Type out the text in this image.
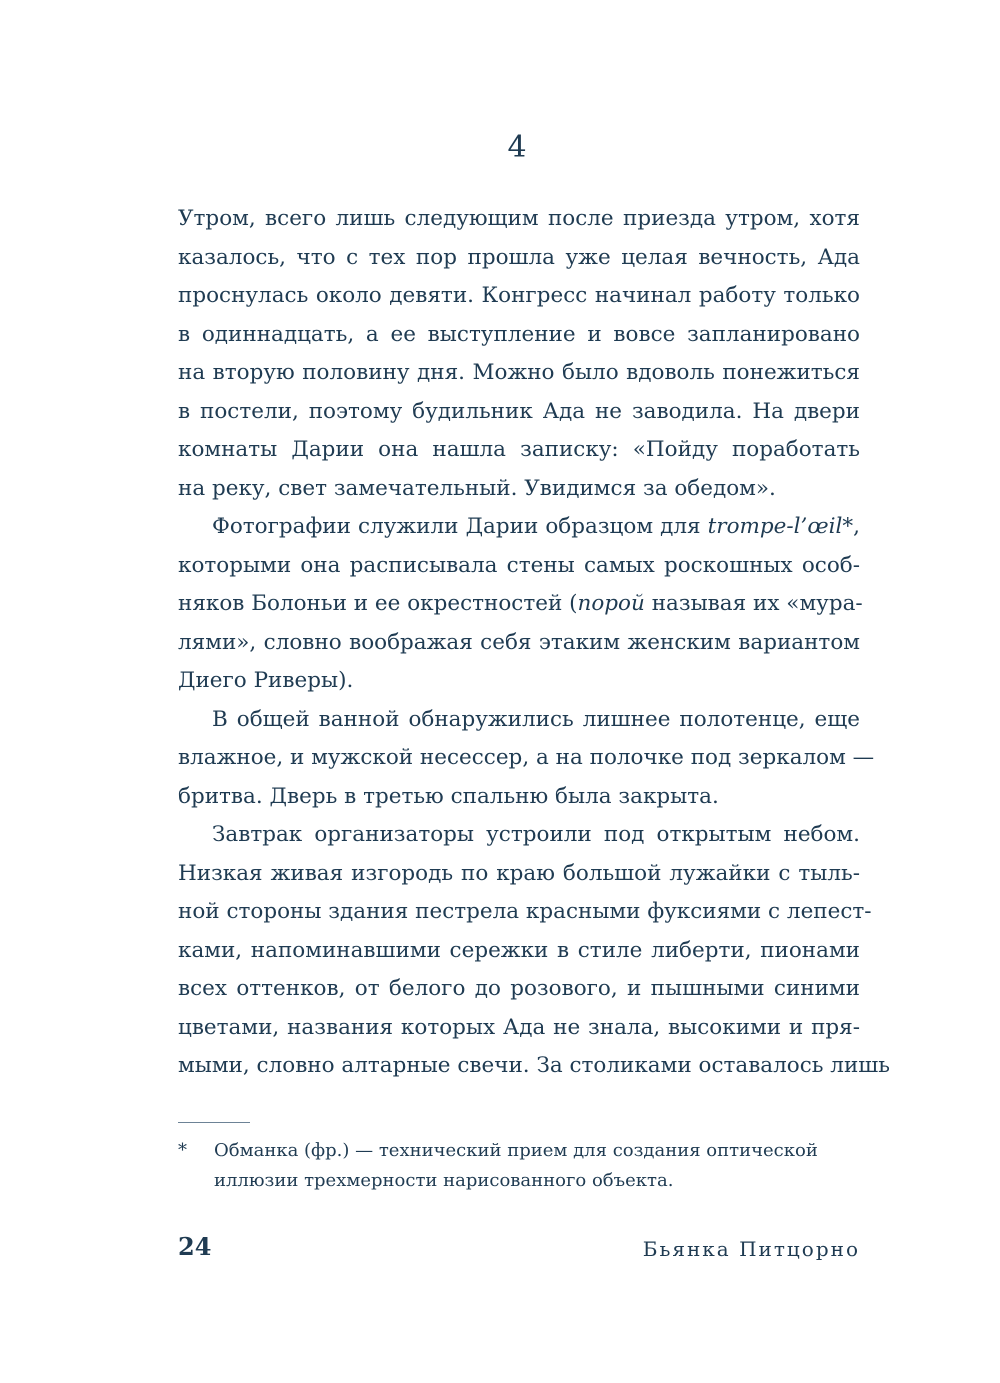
4
Утром, всего лишь следующим после приезда утром, хотя
казалось, что с тех пор прошла уже целая вечность, Ада
проснулась около девяти. Конгресс начинал работу только
в одиннадцать, а ее выступление и вовсе запланировано
на вторую половину дня. Можно было вдоволь понежиться
в постели, поэтому будильник Ада не заводила. На двери
комнаты Дарии она нашла записку: «Пойду поработать
на реку, свет замечательный. Увидимся за обедом».
Фотографии служили Дарии образцом для trompe-l’œil*,
которыми она расписывала стены самых роскошных особ-
няков Болоньи и ее окрестностей (порой называя их «мура-
лями», словно воображая себя этаким женским вариантом
Диего Риверы).
В общей ванной обнаружились лишнее полотенце, еще
влажное, и мужской несессер, а на полочке под зеркалом —
бритва. Дверь в третью спальню была закрыта.
Завтрак организаторы устроили под открытым небом.
Низкая живая изгородь по краю большой лужайки с тыль-
ной стороны здания пестрела красными фуксиями с лепест-
ками, напоминавшими сережки в стиле либерти, пионами
всех оттенков, от белого до розового, и пышными синими
цветами, названия которых Ада не знала, высокими и пря-
мыми, словно алтарные свечи. За столиками оставалось лишь
* Обманка (фр.) — технический прием для создания оптической
иллюзии трехмерности нарисованного объекта.
24	Бьянка Питцорно
